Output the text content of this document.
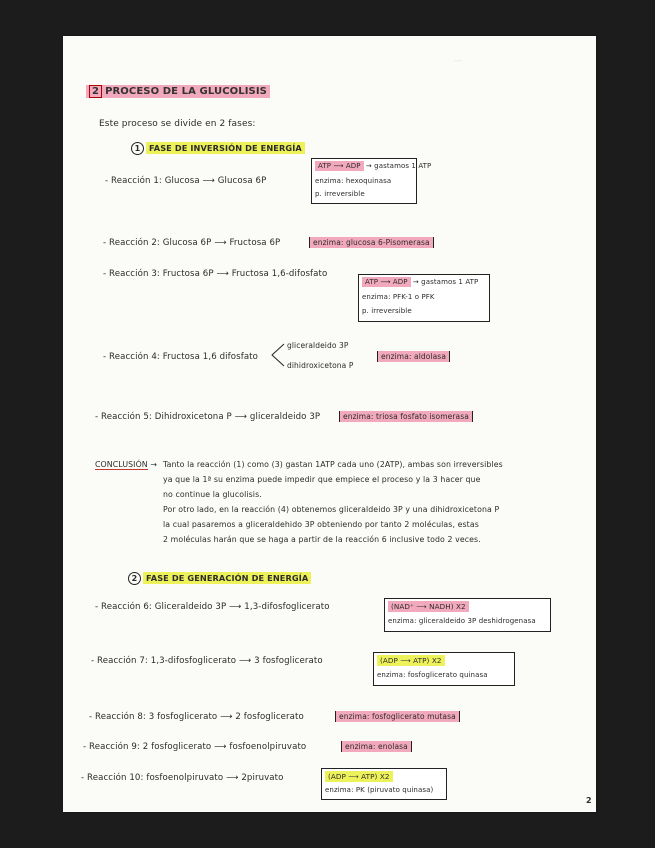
—
2 PROCESO DE LA GLUCOLISIS
Este proceso se divide en 2 fases:
1 FASE DE INVERSIÓN DE ENERGÍA
- Reacción 1: Glucosa ⟶ Glucosa 6P
ATP ⟶ ADP → gastamos 1 ATP
enzima: hexoquinasa
p. irreversible
- Reacción 2: Glucosa 6P ⟶ Fructosa 6P	enzima: glucosa 6-Pisomerasa
- Reacción 3: Fructosa 6P ⟶ Fructosa 1,6-difosfato
ATP ⟶ ADP → gastamos 1 ATP
enzima: PFK-1 o PFK
p. irreversible
- Reacción 4: Fructosa 1,6 difosfato
gliceraldeido 3P
dihidroxicetona P
enzima: aldolasa
- Reacción 5: Dihidroxicetona P ⟶ gliceraldeido 3P	enzima: triosa fosfato isomerasa
CONCLUSIÓN → Tanto la reacción (1) como (3) gastan 1ATP cada uno (2ATP), ambas son irreversibles
ya que la 1ª su enzima puede impedir que empiece el proceso y la 3 hacer que
no continue la glucolisis.
Por otro lado, en la reacción (4) obtenemos gliceraldeido 3P y una dihidroxicetona P
la cual pasaremos a gliceraldehido 3P obteniendo por tanto 2 moléculas, estas
2 moléculas harán que se haga a partir de la reacción 6 inclusive todo 2 veces.
2 FASE DE GENERACIÓN DE ENERGÍA
- Reacción 6: Gliceraldeido 3P ⟶ 1,3-difosfoglicerato	(NAD⁺ ⟶ NADH) X2
enzima: gliceraldeido 3P deshidrogenasa
- Reacción 7: 1,3-difosfoglicerato ⟶ 3 fosfoglicerato	(ADP ⟶ ATP) X2
enzima: fosfoglicerato quinasa
- Reacción 8: 3 fosfoglicerato ⟶ 2 fosfoglicerato	enzima: fosfoglicerato mutasa
- Reacción 9: 2 fosfoglicerato ⟶ fosfoenolpiruvato	enzima: enolasa
- Reacción 10: fosfoenolpiruvato ⟶ 2piruvato	(ADP ⟶ ATP) X2
enzima: PK (piruvato quinasa)
2
